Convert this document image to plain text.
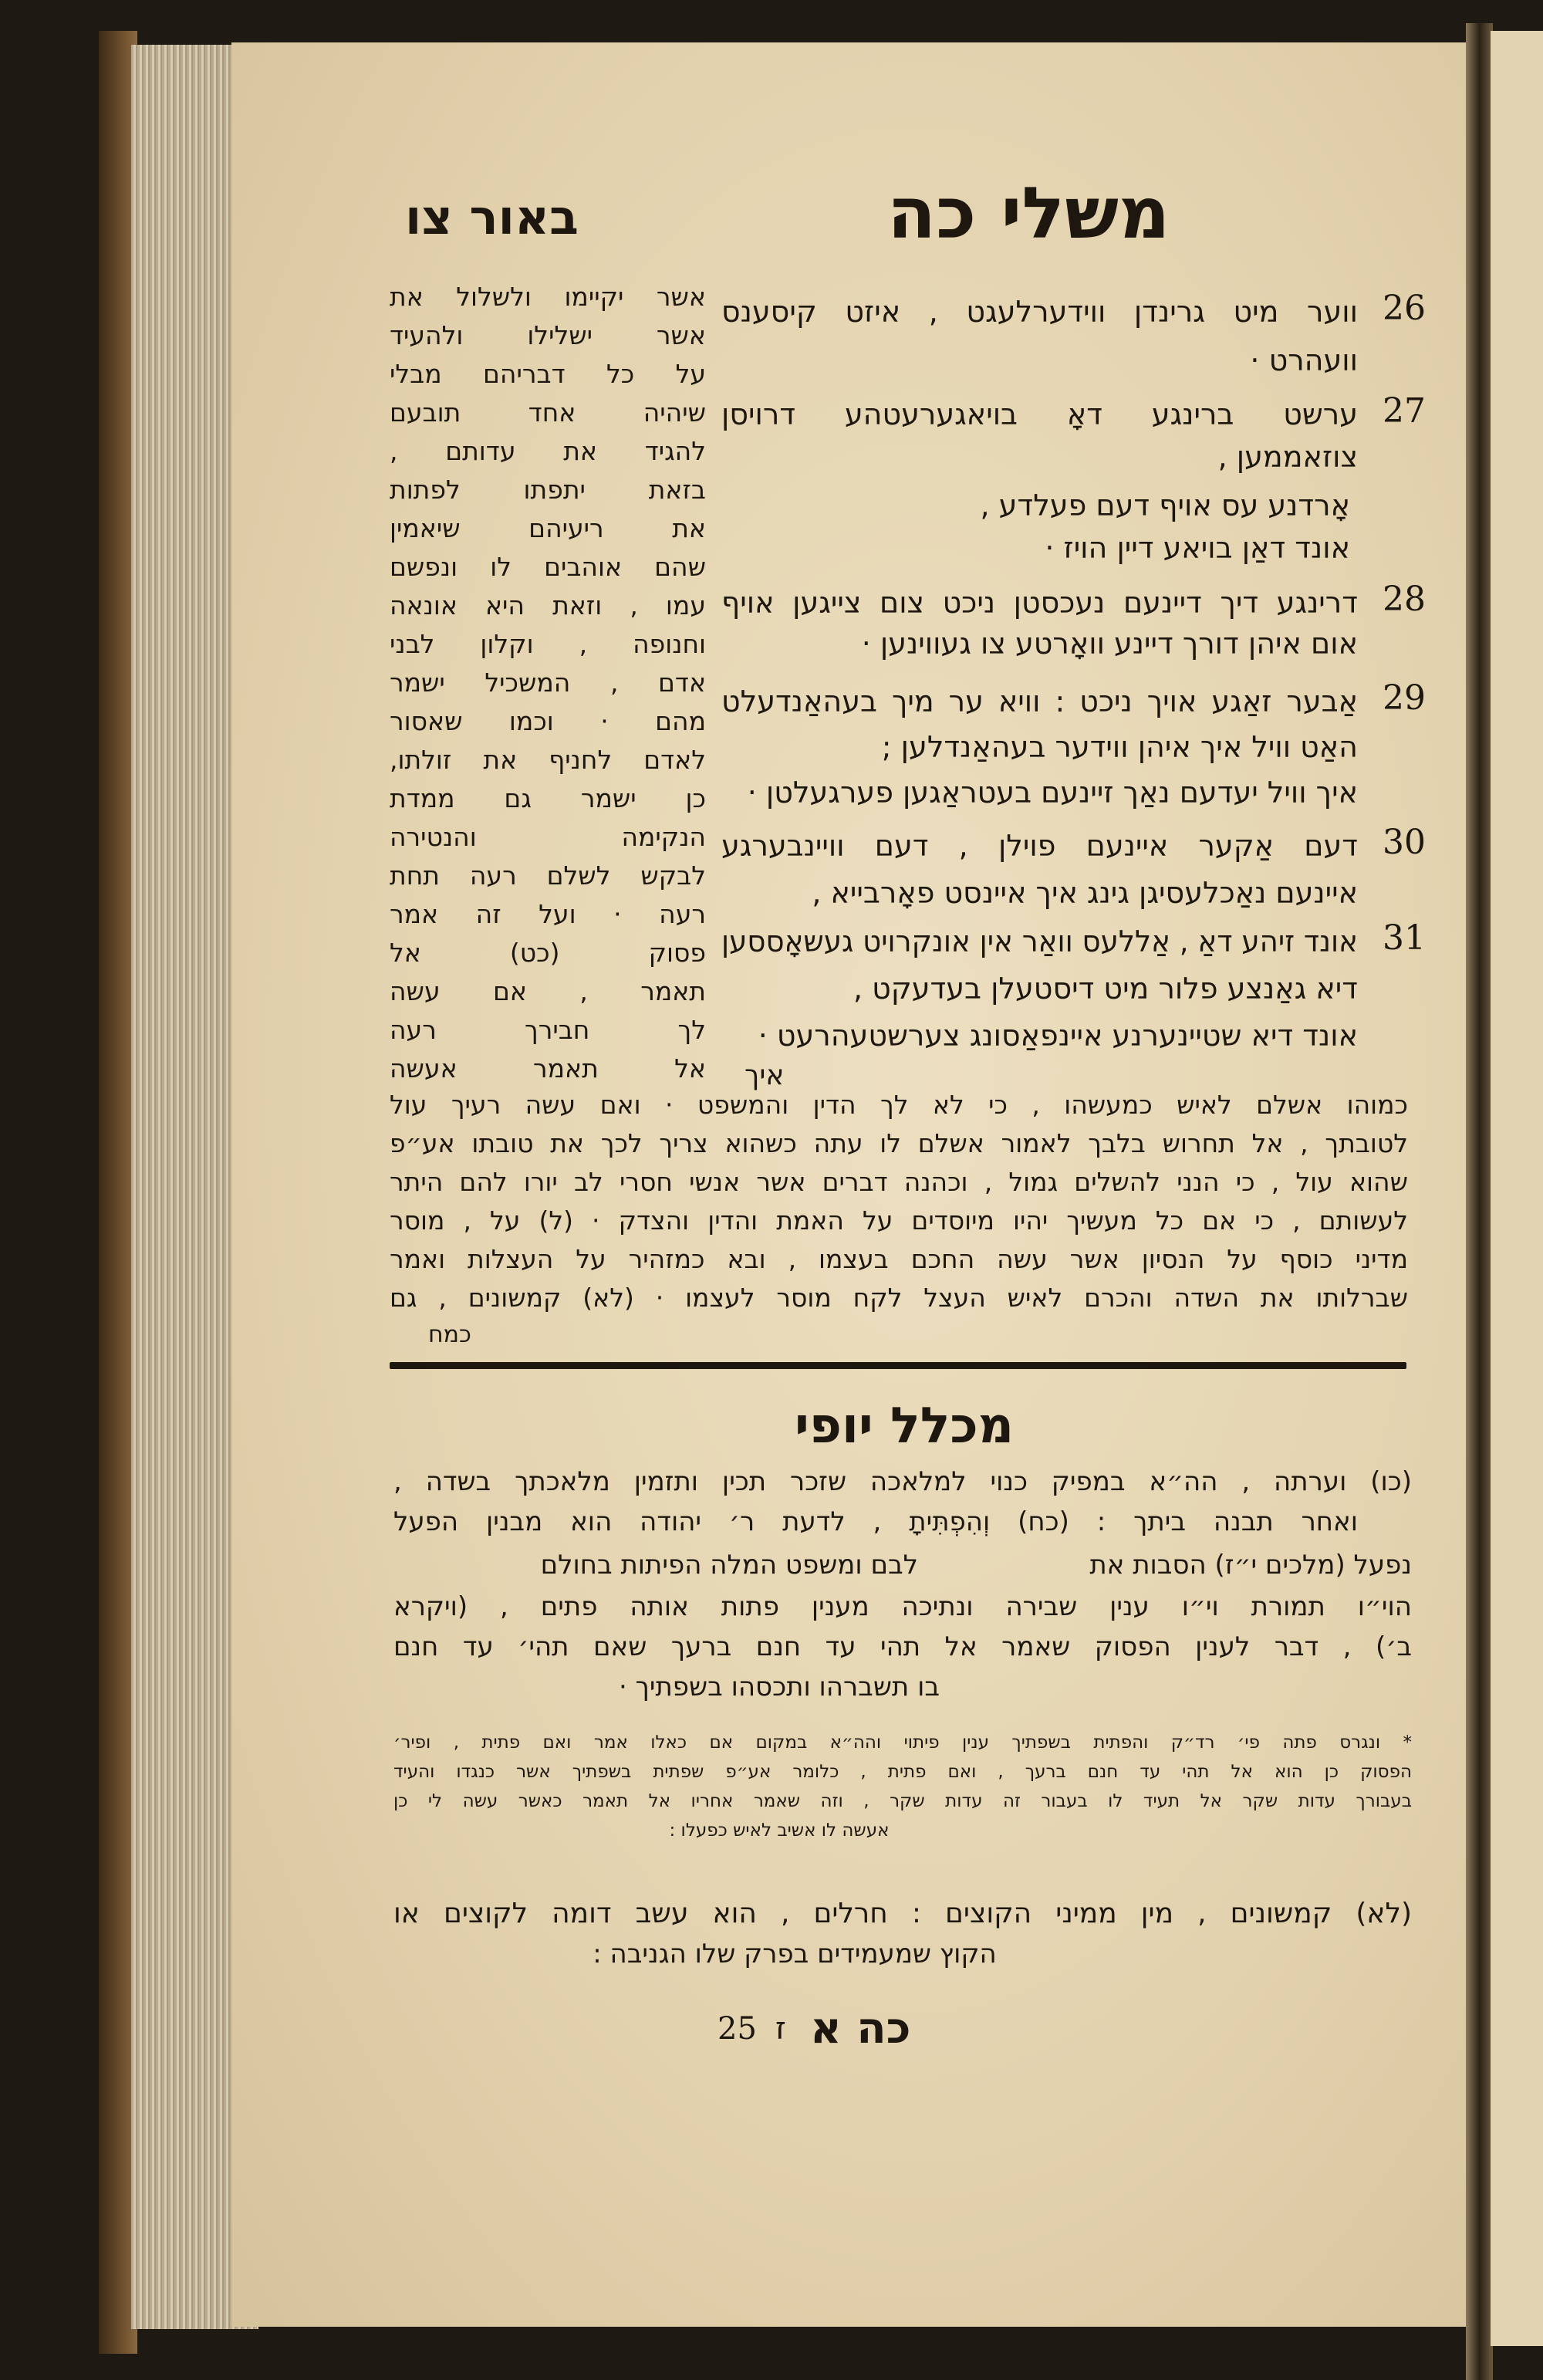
משלי כה
באור צו
26
ווער מיט גרינדן ווידערלעגט , איזט קיסענס
וועהרט ·
27
ערשט ברינגע דאָ בויאגערעטהע דרויסן
צוזאממען ,
אָרדנע עס אויף דעם פעלדע ,
אונד דאַן בויאע דיין הויז ·
28
דרינגע דיך דיינעם נעכסטן ניכט צום צייגען אויף
אום איהן דורך דיינע וואָרטע צו געווינען ·
29
אַבער זאַגע אויך ניכט : וויא ער מיך בעהאַנדעלט
האַט וויל איך איהן ווידער בעהאַנדלען ;
איך וויל יעדעם נאַך זיינעם בעטראַגען פערגעלטן ·
30
דעם אַקער איינעם פוילן , דעם וויינבערגע
איינעם נאַכלעסיגן גינג איך איינסט פאָרבייא ,
31
אונד זיהע דאַ , אַללעס וואַר אין אונקרויט געשאָססען
דיא גאַנצע פלור מיט דיסטעלן בעדעקט ,
אונד דיא שטיינערנע איינפאַסונג צערשטעהרעט ·
איך
אשר יקיימו ולשלול את
אשר ישלילו ולהעיד
על כל דבריהם מבלי
שיהיה אחד תובעם
להגיד את עדותם ,
בזאת יתפתו לפתות
את ריעיהם שיאמין
שהם אוהבים לו ונפשם
עמו , וזאת היא אונאה
וחנופה , וקלון לבני
אדם , המשכיל ישמר
מהם · וכמו שאסור
לאדם לחניף את זולתו,
כן ישמר גם ממדת
הנקימה והנטירה
לבקש לשלם רעה תחת
רעה · ועל זה אמר
פסוק (כט) אל
תאמר , אם עשה
לך חבירך רעה
אל תאמר אעשה
כמוהו אשלם לאיש כמעשהו , כי לא לך הדין והמשפט · ואם עשה רעיך עול
לטובתך , אל תחרוש בלבך לאמור אשלם לו עתה כשהוא צריך לכך את טובתו אע״פ
שהוא עול , כי הנני להשלים גמול , וכהנה דברים אשר אנשי חסרי לב יורו להם היתר
לעשותם , כי אם כל מעשיך יהיו מיוסדים על האמת והדין והצדק · (ל) על , מוסר
מדיני כוסף על הנסיון אשר עשה החכם בעצמו , ובא כמזהיר על העצלות ואמר
שברלותו את השדה והכרם לאיש העצל לקח מוסר לעצמו · (לא) קמשונים , גם
כמח
מכלל יופי
(כו) וערתה , הה״א במפיק כנוי למלאכה שזכר תכין ותזמין מלאכתך בשדה ,
ואחר תבנה ביתך : (כח) וְהִפְתִּיתָ , לדעת ר׳ יהודה הוא מבנין הפעל
נפעל (מלכים י״ז) הסבות את
לבם ומשפט המלה הפיתות בחולם
הוי״ו תמורת וי״ו ענין שבירה ונתיכה מענין פתות אותה פתים , (ויקרא
ב׳) , דבר לענין הפסוק שאמר אל תהי עד חנם ברעך שאם תהי׳ עד חנם
בו תשברהו ותכסהו בשפתיך ·
* ונגרס פתה פי׳ רד״ק והפתית בשפתיך ענין פיתוי והה״א במקום אם כאלו אמר ואם פתית , ופיר׳
הפסוק כן הוא אל תהי עד חנם ברעך , ואם פתית , כלומר אע״פ שפתית בשפתיך אשר כנגדו והעיד
בעבורך עדות שקר אל תעיד לו בעבור זה עדות שקר , וזה שאמר אחריו אל תאמר כאשר עשה לי כן
אעשה לו אשיב לאיש כפעלו :
(לא) קמשונים , מין ממיני הקוצים : חרלים , הוא עשב דומה לקוצים או
הקוץ שמעמידים בפרק שלו הגניבה :
כה א
ז
25
